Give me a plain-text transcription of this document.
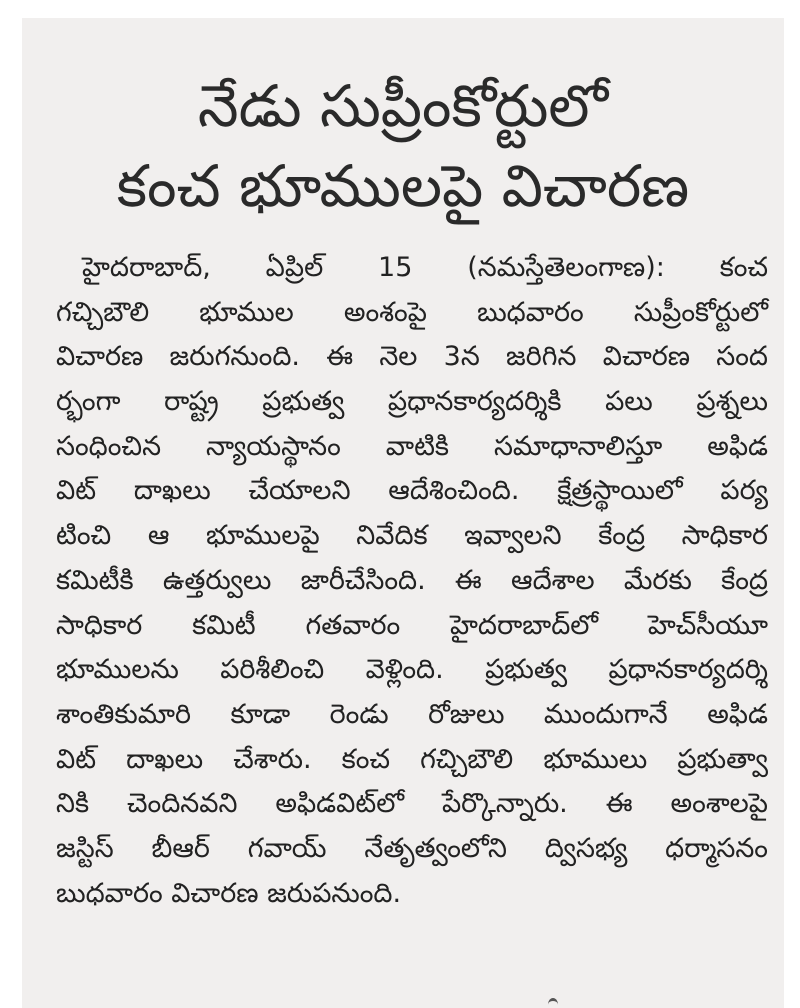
నేడు సుప్రీంకోర్టులో
కంచ భూములపై విచారణ
హైదరాబాద్, ఏప్రిల్ 15 (నమస్తేతెలంగాణ): కంచ
గచ్చిబౌలి భూముల అంశంపై బుధవారం సుప్రీంకోర్టులో
విచారణ జరుగనుంది. ఈ నెల 3న జరిగిన విచారణ సంద
ర్భంగా రాష్ట్ర ప్రభుత్వ ప్రధానకార్యదర్శికి పలు ప్రశ్నలు
సంధించిన న్యాయస్థానం వాటికి సమాధానాలిస్తూ అఫిడ
విట్ దాఖలు చేయాలని ఆదేశించింది. క్షేత్రస్థాయిలో పర్య
టించి ఆ భూములపై నివేదిక ఇవ్వాలని కేంద్ర సాధికార
కమిటీకి ఉత్తర్వులు జారీచేసింది. ఈ ఆదేశాల మేరకు కేంద్ర
సాధికార కమిటీ గతవారం హైదరాబాద్‌లో హెచ్‌సీయూ
భూములను పరిశీలించి వెళ్లింది. ప్రభుత్వ ప్రధానకార్యదర్శి
శాంతికుమారి కూడా రెండు రోజులు ముందుగానే అఫిడ
విట్ దాఖలు చేశారు. కంచ గచ్చిబౌలి భూములు ప్రభుత్వా
నికి చెందినవని అఫిడవిట్‌లో పేర్కొన్నారు. ఈ అంశాలపై
జస్టిస్ బీఆర్ గవాయ్ నేతృత్వంలోని ద్విసభ్య ధర్మాసనం
బుధవారం విచారణ జరుపనుంది.
